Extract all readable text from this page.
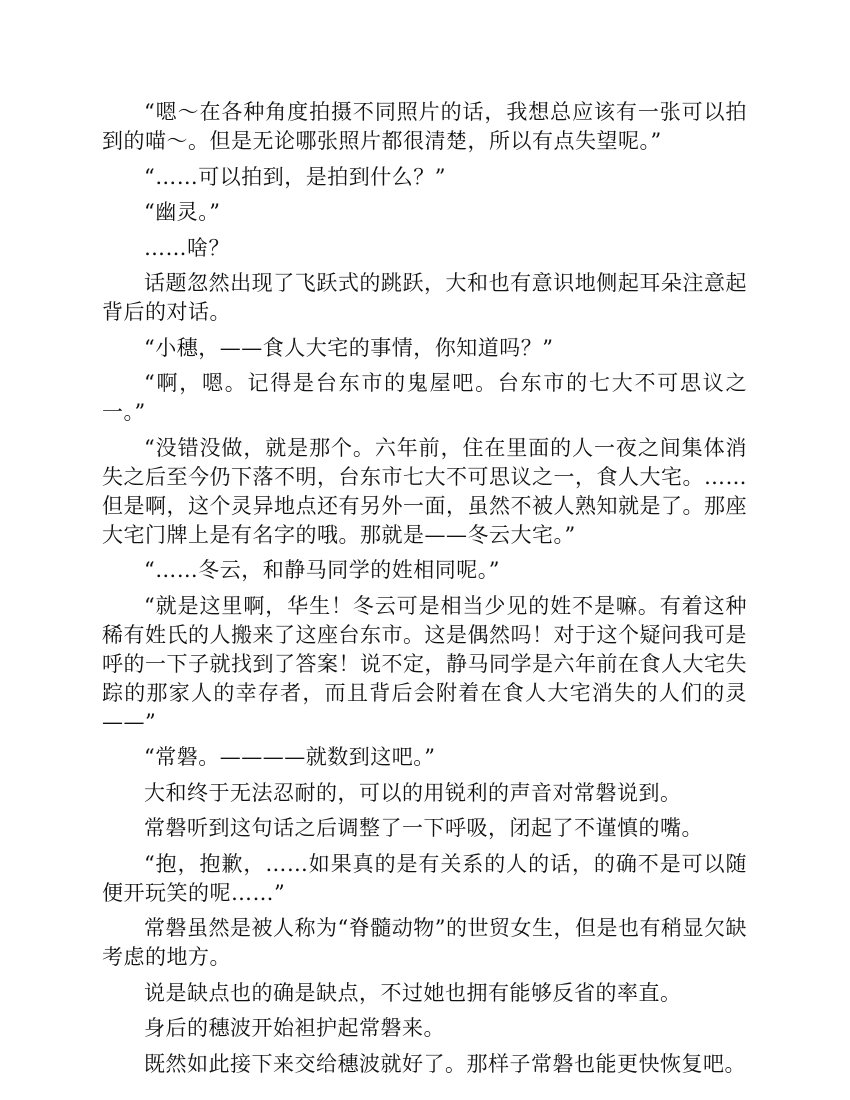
“嗯～在各种角度拍摄不同照片的话，我想总应该有一张可以拍到的喵～。但是无论哪张照片都很清楚，所以有点失望呢。”

“……可以拍到，是拍到什么？”

“幽灵。”

……啥？

话题忽然出现了飞跃式的跳跃，大和也有意识地侧起耳朵注意起背后的对话。

“小穗，——食人大宅的事情，你知道吗？”

“啊，嗯。记得是台东市的鬼屋吧。台东市的七大不可思议之一。”

“没错没做，就是那个。六年前，住在里面的人一夜之间集体消失之后至今仍下落不明，台东市七大不可思议之一，食人大宅。……但是啊，这个灵异地点还有另外一面，虽然不被人熟知就是了。那座大宅门牌上是有名字的哦。那就是——冬云大宅。”

“……冬云，和静马同学的姓相同呢。”

“就是这里啊，华生！冬云可是相当少见的姓不是嘛。有着这种稀有姓氏的人搬来了这座台东市。这是偶然吗！对于这个疑问我可是呼的一下子就找到了答案！说不定，静马同学是六年前在食人大宅失踪的那家人的幸存者，而且背后会附着在食人大宅消失的人们的灵——”

“常磐。————就数到这吧。”

大和终于无法忍耐的，可以的用锐利的声音对常磐说到。

常磐听到这句话之后调整了一下呼吸，闭起了不谨慎的嘴。

“抱，抱歉，……如果真的是有关系的人的话，的确不是可以随便开玩笑的呢……”

常磐虽然是被人称为“脊髓动物”的世贸女生，但是也有稍显欠缺考虑的地方。

说是缺点也的确是缺点，不过她也拥有能够反省的率直。

身后的穗波开始袒护起常磐来。

既然如此接下来交给穗波就好了。那样子常磐也能更快恢复吧。
